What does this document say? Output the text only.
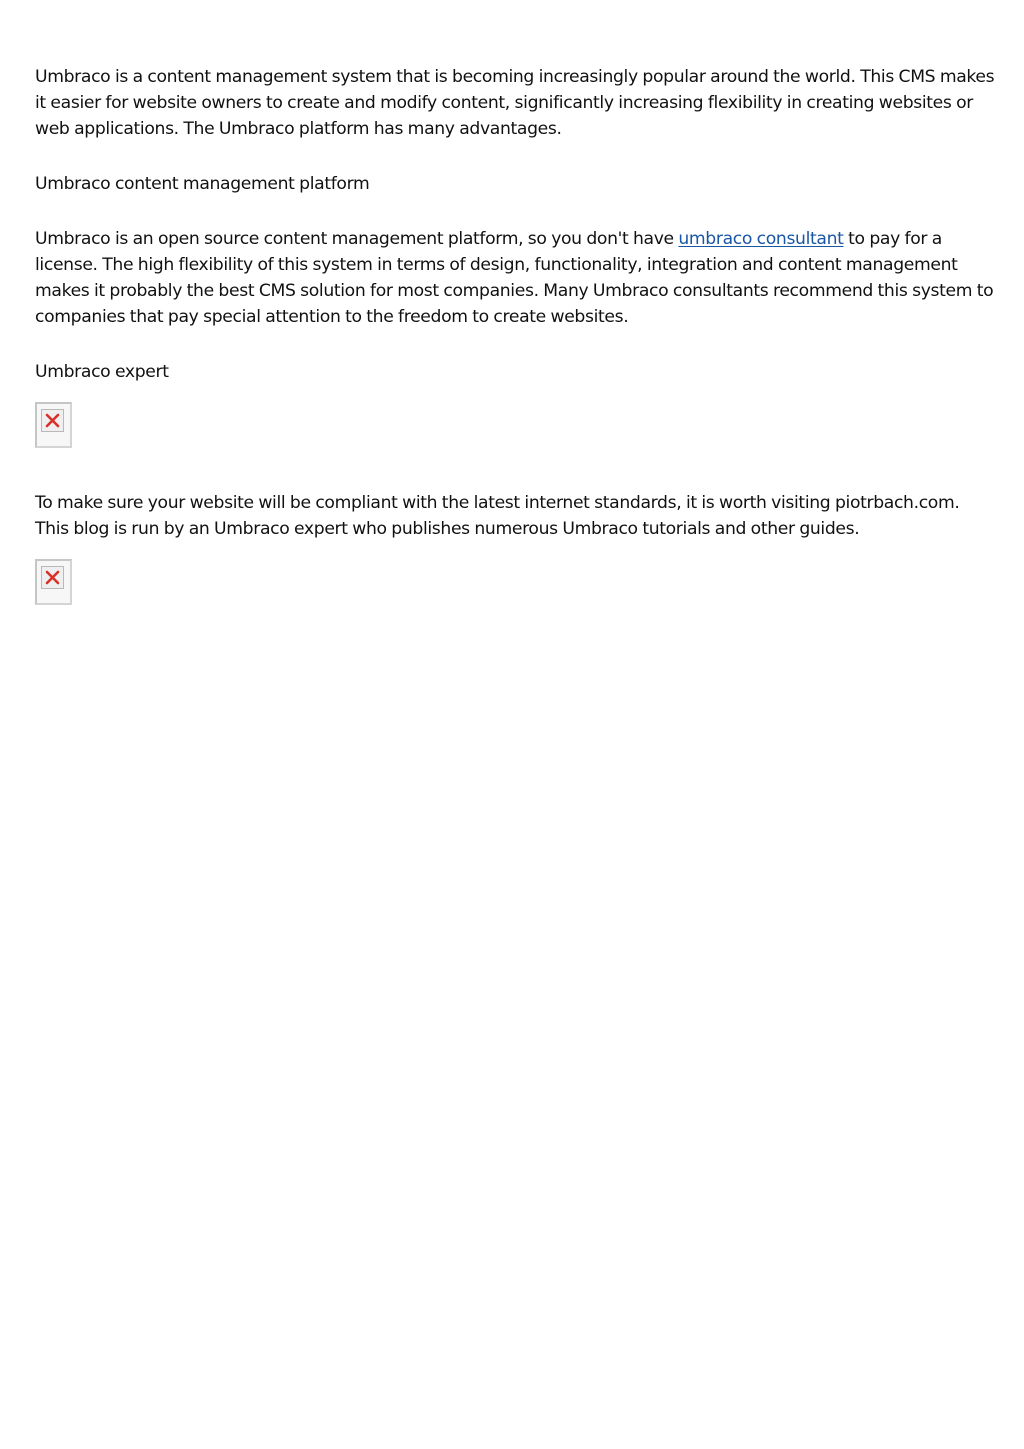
Umbraco is a content management system that is becoming increasingly popular around the world. This CMS makes it easier for website owners to create and modify content, significantly increasing flexibility in creating websites or web applications. The Umbraco platform has many advantages.

Umbraco content management platform

Umbraco is an open source content management platform, so you don't have umbraco consultant to pay for a license. The high flexibility of this system in terms of design, functionality, integration and content management makes it probably the best CMS solution for most companies. Many Umbraco consultants recommend this system to companies that pay special attention to the freedom to create websites.

Umbraco expert

To make sure your website will be compliant with the latest internet standards, it is worth visiting piotrbach.com. This blog is run by an Umbraco expert who publishes numerous Umbraco tutorials and other guides.
